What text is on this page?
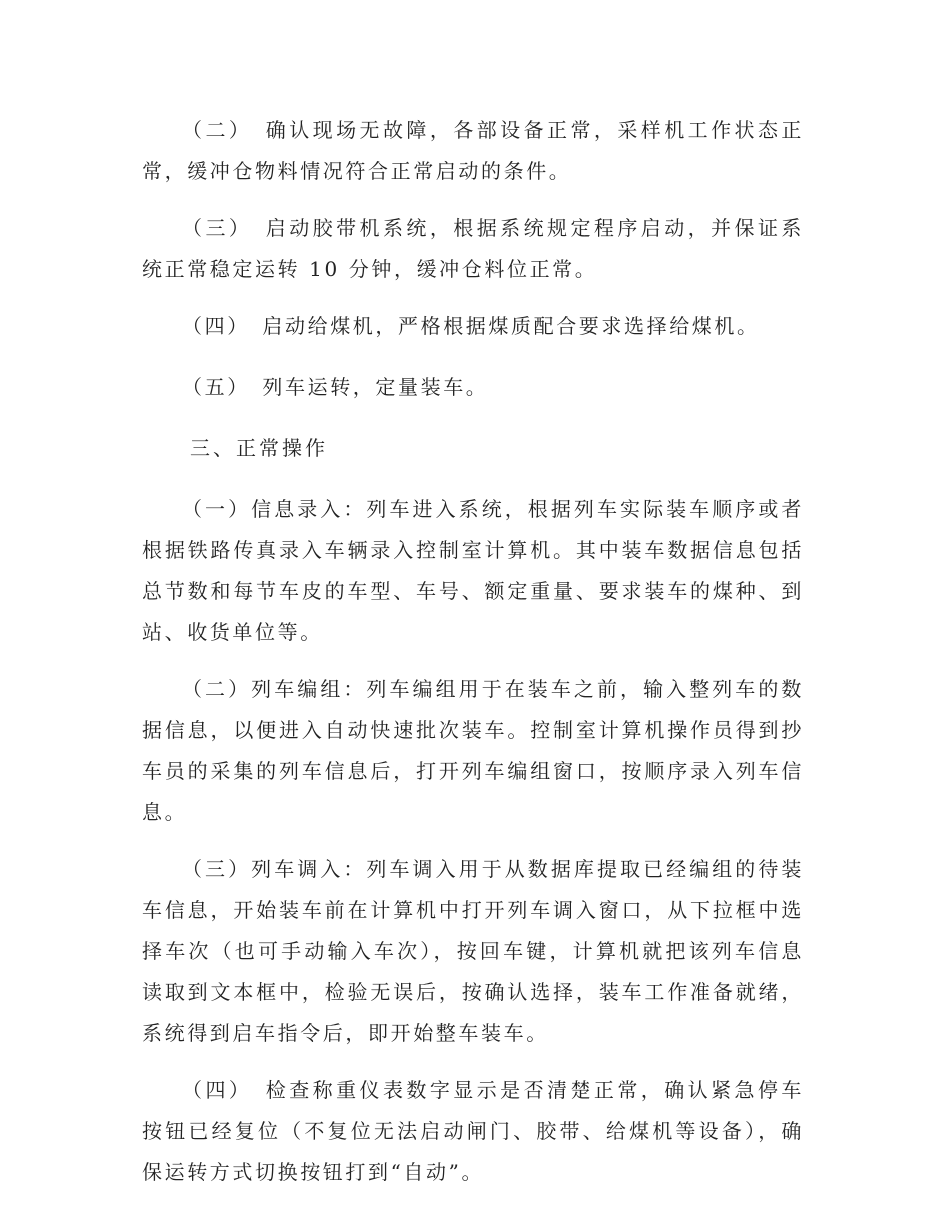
（二）　确认现场无故障，各部设备正常，采样机工作状态正常，缓冲仓物料情况符合正常启动的条件。

（三）　启动胶带机系统，根据系统规定程序启动，并保证系统正常稳定运转 10 分钟，缓冲仓料位正常。

（四）　启动给煤机，严格根据煤质配合要求选择给煤机。

（五）　列车运转，定量装车。

三、正常操作

（一）信息录入：列车进入系统，根据列车实际装车顺序或者根据铁路传真录入车辆录入控制室计算机。其中装车数据信息包括总节数和每节车皮的车型、车号、额定重量、要求装车的煤种、到站、收货单位等。

（二）列车编组：列车编组用于在装车之前，输入整列车的数据信息，以便进入自动快速批次装车。控制室计算机操作员得到抄车员的采集的列车信息后，打开列车编组窗口，按顺序录入列车信息。

（三）列车调入：列车调入用于从数据库提取已经编组的待装车信息，开始装车前在计算机中打开列车调入窗口，从下拉框中选择车次（也可手动输入车次），按回车键，计算机就把该列车信息读取到文本框中，检验无误后，按确认选择，装车工作准备就绪，系统得到启车指令后，即开始整车装车。

（四）　检查称重仪表数字显示是否清楚正常，确认紧急停车按钮已经复位（不复位无法启动闸门、胶带、给煤机等设备），确保运转方式切换按钮打到“自动”。
